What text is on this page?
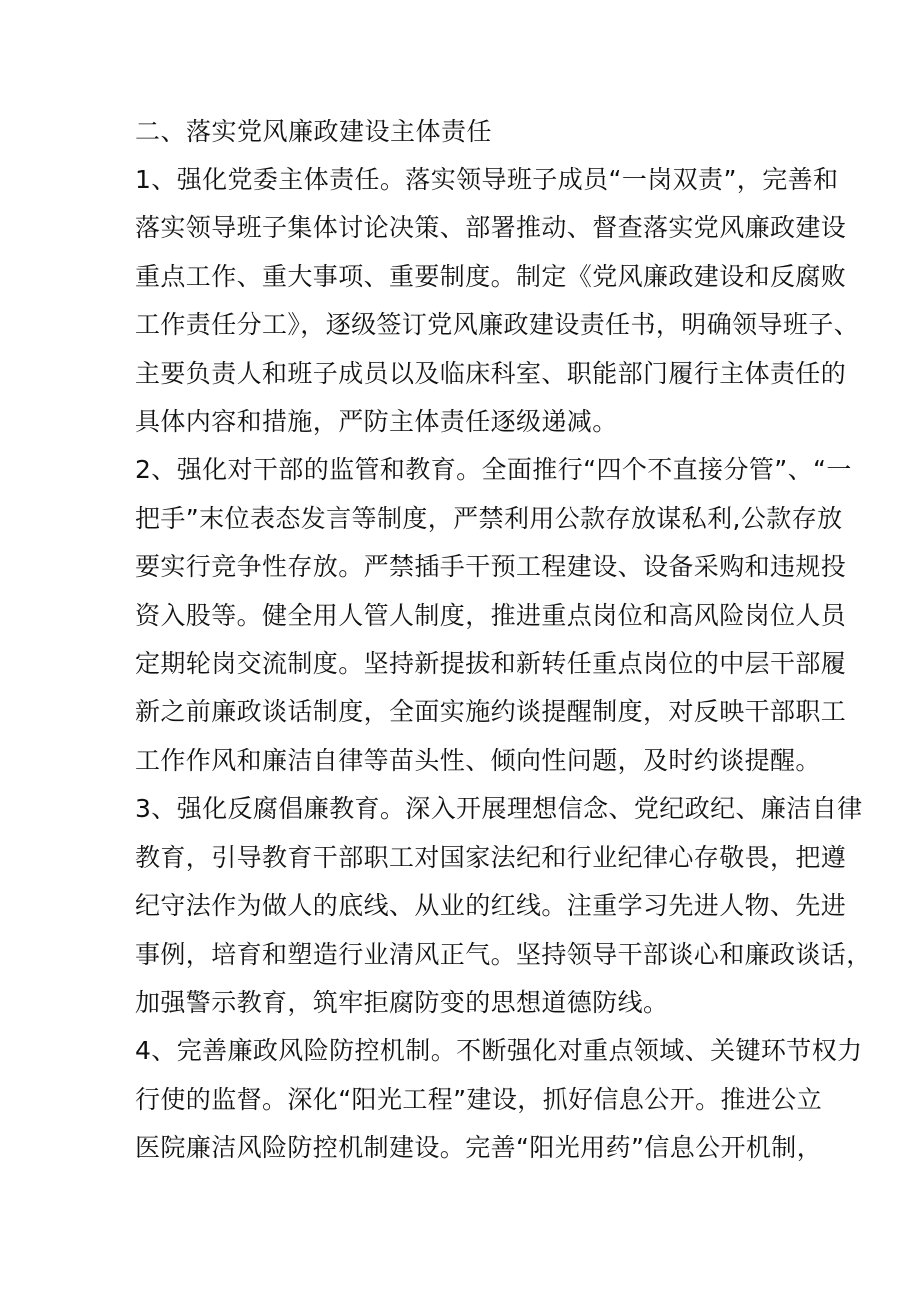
二、落实党风廉政建设主体责任

1、强化党委主体责任。落实领导班子成员“一岗双责”，完善和
落实领导班子集体讨论决策、部署推动、督查落实党风廉政建设
重点工作、重大事项、重要制度。制定《党风廉政建设和反腐败
工作责任分工》，逐级签订党风廉政建设责任书，明确领导班子、
主要负责人和班子成员以及临床科室、职能部门履行主体责任的
具体内容和措施，严防主体责任逐级递减。

2、强化对干部的监管和教育。全面推行“四个不直接分管”、“一
把手”末位表态发言等制度，严禁利用公款存放谋私利,公款存放
要实行竞争性存放。严禁插手干预工程建设、设备采购和违规投
资入股等。健全用人管人制度，推进重点岗位和高风险岗位人员
定期轮岗交流制度。坚持新提拔和新转任重点岗位的中层干部履
新之前廉政谈话制度，全面实施约谈提醒制度，对反映干部职工
工作作风和廉洁自律等苗头性、倾向性问题，及时约谈提醒。

3、强化反腐倡廉教育。深入开展理想信念、党纪政纪、廉洁自律
教育，引导教育干部职工对国家法纪和行业纪律心存敬畏，把遵
纪守法作为做人的底线、从业的红线。注重学习先进人物、先进
事例，培育和塑造行业清风正气。坚持领导干部谈心和廉政谈话，
加强警示教育，筑牢拒腐防变的思想道德防线。

4、完善廉政风险防控机制。不断强化对重点领域、关键环节权力
行使的监督。深化“阳光工程”建设，抓好信息公开。推进公立
医院廉洁风险防控机制建设。完善“阳光用药”信息公开机制，
